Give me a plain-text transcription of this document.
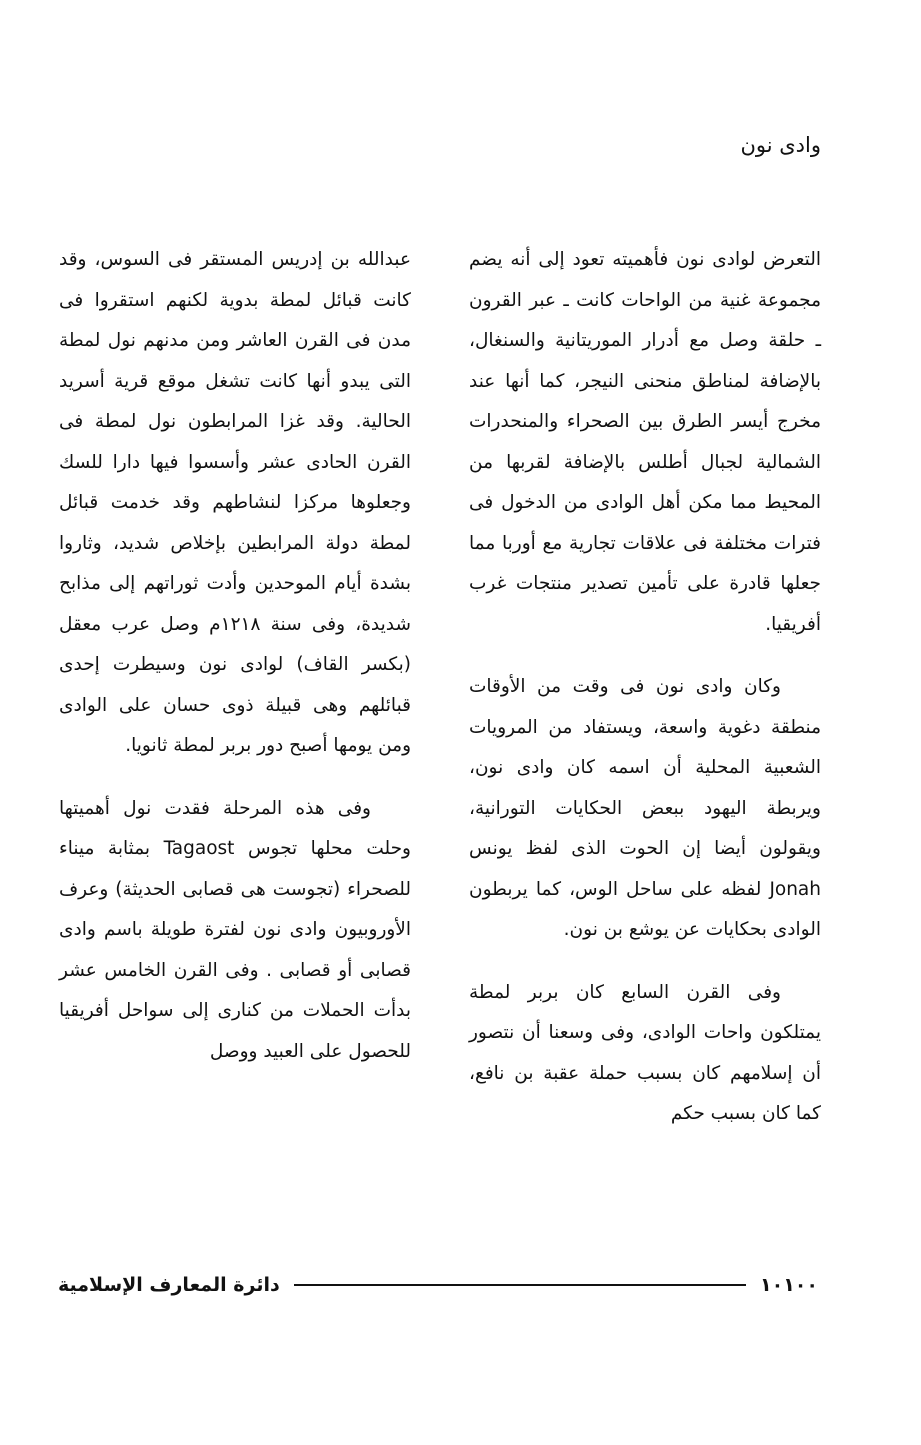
وادى نون

التعرض لوادى نون فأهميته تعود إلى أنه يضم مجموعة غنية من الواحات كانت ـ عبر القرون ـ حلقة وصل مع أدرار الموريتانية والسنغال، بالإضافة لمناطق منحنى النيجر، كما أنها عند مخرج أيسر الطرق بين الصحراء والمنحدرات الشمالية لجبال أطلس بالإضافة لقربها من المحيط مما مكن أهل الوادى من الدخول فى فترات مختلفة فى علاقات تجارية مع أوربا مما جعلها قادرة على تأمين تصدير منتجات غرب أفريقيا.

وكان وادى نون فى وقت من الأوقات منطقة دغوية واسعة، ويستفاد من المرويات الشعبية المحلية أن اسمه كان وادى نون، ويربطة اليهود ببعض الحكايات التورانية، ويقولون أيضا إن الحوت الذى لفظ يونس Jonah لفظه على ساحل الوس، كما يربطون الوادى بحكايات عن يوشع بن نون.

وفى القرن السابع كان بربر لمطة يمتلكون واحات الوادى، وفى وسعنا أن نتصور أن إسلامهم كان بسبب حملة عقبة بن نافع، كما كان بسبب حكم

عبدالله بن إدريس المستقر فى السوس، وقد كانت قبائل لمطة بدوية لكنهم استقروا فى مدن فى القرن العاشر ومن مدنهم نول لمطة التى يبدو أنها كانت تشغل موقع قرية أسريد الحالية. وقد غزا المرابطون نول لمطة فى القرن الحادى عشر وأسسوا فيها دارا للسك وجعلوها مركزا لنشاطهم وقد خدمت قبائل لمطة دولة المرابطين بإخلاص شديد، وثاروا بشدة أيام الموحدين وأدت ثوراتهم إلى مذابح شديدة، وفى سنة ١٢١٨م وصل عرب معقل (بكسر القاف) لوادى نون وسيطرت إحدى قبائلهم وهى قبيلة ذوى حسان على الوادى ومن يومها أصبح دور بربر لمطة ثانويا.

وفى هذه المرحلة فقدت نول أهميتها وحلت محلها تجوس Tagaost بمثابة ميناء للصحراء (تجوست هى قصابى الحديثة) وعرف الأوروبيون وادى نون لفترة طويلة باسم وادى قصابى أو قصابى . وفى القرن الخامس عشر بدأت الحملات من كنارى إلى سواحل أفريقيا للحصول على العبيد ووصل

١٠١٠٠
دائرة المعارف الإسلامية
